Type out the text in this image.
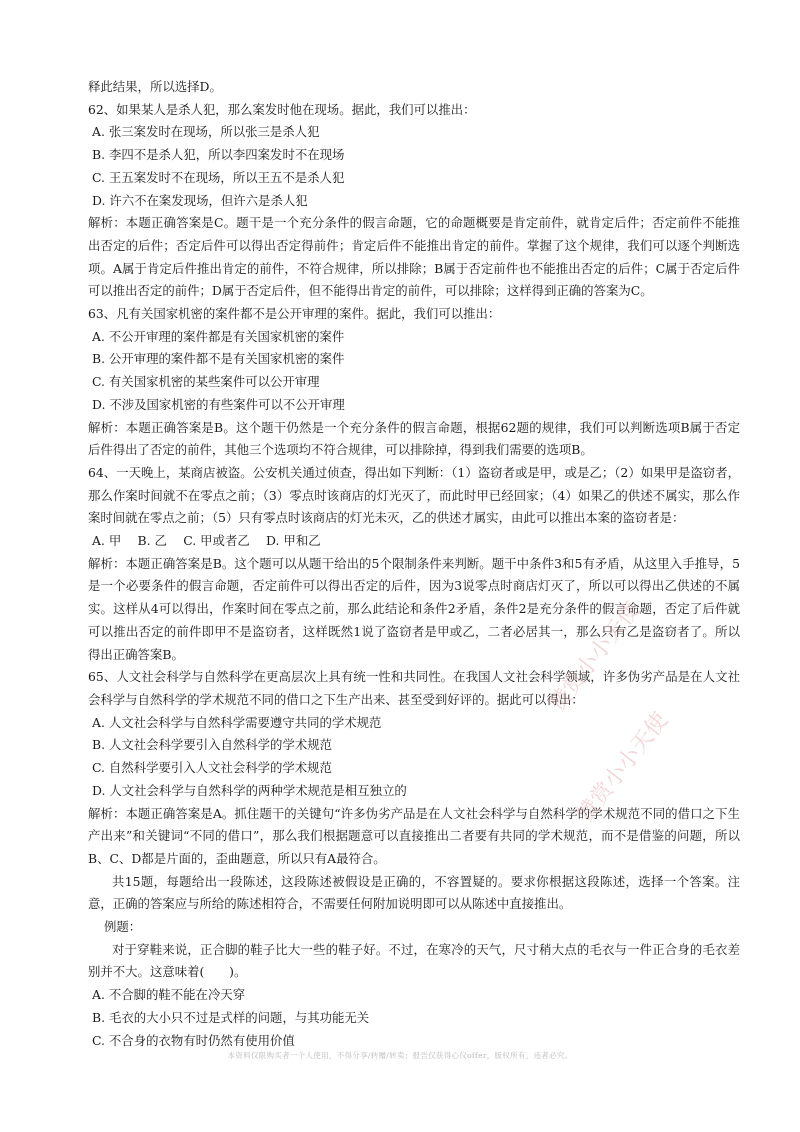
释此结果，所以选择D。

62、如果某人是杀人犯，那么案发时他在现场。据此，我们可以推出：

A. 张三案发时在现场，所以张三是杀人犯

B. 李四不是杀人犯，所以李四案发时不在现场

C. 王五案发时不在现场，所以王五不是杀人犯

D. 许六不在案发现场，但许六是杀人犯

解析：本题正确答案是C。题干是一个充分条件的假言命题，它的命题概要是肯定前件，就肯定后件；否定前件不能推出否定的后件；否定后件可以得出否定得前件；肯定后件不能推出肯定的前件。掌握了这个规律，我们可以逐个判断选项。A属于肯定后件推出肯定的前件，不符合规律，所以排除；B属于否定前件也不能推出否定的后件；C属于否定后件可以推出否定的前件；D属于否定后件，但不能得出肯定的前件，可以排除；这样得到正确的答案为C。

63、凡有关国家机密的案件都不是公开审理的案件。据此，我们可以推出：

A. 不公开审理的案件都是有关国家机密的案件

B. 公开审理的案件都不是有关国家机密的案件

C. 有关国家机密的某些案件可以公开审理

D. 不涉及国家机密的有些案件可以不公开审理

解析：本题正确答案是B。这个题干仍然是一个充分条件的假言命题，根据62题的规律，我们可以判断选项B属于否定后件得出了否定的前件，其他三个选项均不符合规律，可以排除掉，得到我们需要的选项B。

64、一天晚上，某商店被盗。公安机关通过侦查，得出如下判断：（1）盗窃者或是甲，或是乙；（2）如果甲是盗窃者，那么作案时间就不在零点之前；（3）零点时该商店的灯光灭了，而此时甲已经回家；（4）如果乙的供述不属实，那么作案时间就在零点之前；（5）只有零点时该商店的灯光未灭，乙的供述才属实，由此可以推出本案的盗窃者是：

A. 甲　 B. 乙　 C. 甲或者乙　 D. 甲和乙

解析：本题正确答案是B。这个题可以从题干给出的5个限制条件来判断。题干中条件3和5有矛盾，从这里入手推导，5是一个必要条件的假言命题，否定前件可以得出否定的后件，因为3说零点时商店灯灭了，所以可以得出乙供述的不属实。这样从4可以得出，作案时间在零点之前，那么此结论和条件2矛盾，条件2是充分条件的假言命题，否定了后件就可以推出否定的前件即甲不是盗窃者，这样既然1说了盗窃者是甲或乙，二者必居其一，那么只有乙是盗窃者了。所以得出正确答案B。

65、人文社会科学与自然科学在更高层次上具有统一性和共同性。在我国人文社会科学领域，许多伪劣产品是在人文社会科学与自然科学的学术规范不同的借口之下生产出来、甚至受到好评的。据此可以得出：

A. 人文社会科学与自然科学需要遵守共同的学术规范

B. 人文社会科学要引入自然科学的学术规范

C. 自然科学要引入人文社会科学的学术规范

D. 人文社会科学与自然科学的两种学术规范是相互独立的

解析：本题正确答案是A。抓住题干的关键句“许多伪劣产品是在人文社会科学与自然科学的学术规范不同的借口之下生产出来”和关键词“不同的借口”，那么我们根据题意可以直接推出二者要有共同的学术规范，而不是借鉴的问题，所以B、C、D都是片面的，歪曲题意，所以只有A最符合。

共15题，每题给出一段陈述，这段陈述被假设是正确的，不容置疑的。要求你根据这段陈述，选择一个答案。注意，正确的答案应与所给的陈述相符合，不需要任何附加说明即可以从陈述中直接推出。

例题：

对于穿鞋来说，正合脚的鞋子比大一些的鞋子好。不过，在寒冷的天气，尺寸稍大点的毛衣与一件正合身的毛衣差别并不大。这意味着(　　)。

A. 不合脚的鞋不能在冷天穿

B. 毛衣的大小只不过是式样的问题，与其功能无关

C. 不合身的衣物有时仍然有使用价值

赞赏小小天使
赞赏小小天使
本资料仅限购买者一个人使用，不得分享/转赠/转卖；报告仅获得心仪offer，版权所有，违者必究。
